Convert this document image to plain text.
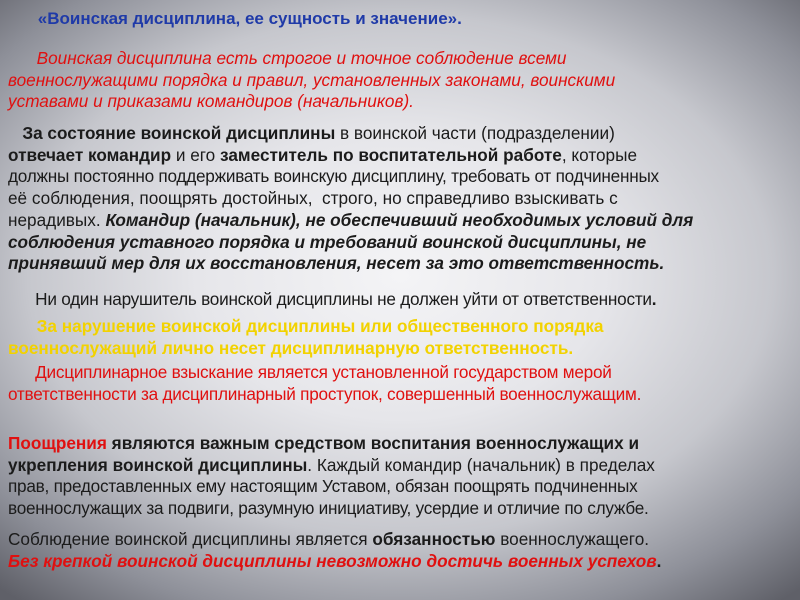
«Воинская дисциплина, ее сущность и значение».
Воинская дисциплина есть строгое и точное соблюдение всеми
военнослужащими порядка и правил, установленных законами, воинскими
уставами и приказами командиров (начальников).
За состояние воинской дисциплины в воинской части (подразделении)
отвечает командир и его заместитель по воспитательной работе, которые
должны постоянно поддерживать воинскую дисциплину, требовать от подчиненных
её соблюдения, поощрять достойных,  строго, но справедливо взыскивать с
нерадивых. Командир (начальник), не обеспечивший необходимых условий для
соблюдения уставного порядка и требований воинской дисциплины, не
принявший мер для их восстановления, несет за это ответственность.
Ни один нарушитель воинской дисциплины не должен уйти от ответственности.
За нарушение воинской дисциплины или общественного порядка
военнослужащий лично несет дисциплинарную ответственность.
Дисциплинарное взыскание является установленной государством мерой
ответственности за дисциплинарный проступок, совершенный военнослужащим.
Поощрения являются важным средством воспитания военнослужащих и
укрепления воинской дисциплины. Каждый командир (начальник) в пределах
прав, предоставленных ему настоящим Уставом, обязан поощрять подчиненных
военнослужащих за подвиги, разумную инициативу, усердие и отличие по службе.
Соблюдение воинской дисциплины является обязанностью военнослужащего.
Без крепкой воинской дисциплины невозможно достичь военных успехов.
